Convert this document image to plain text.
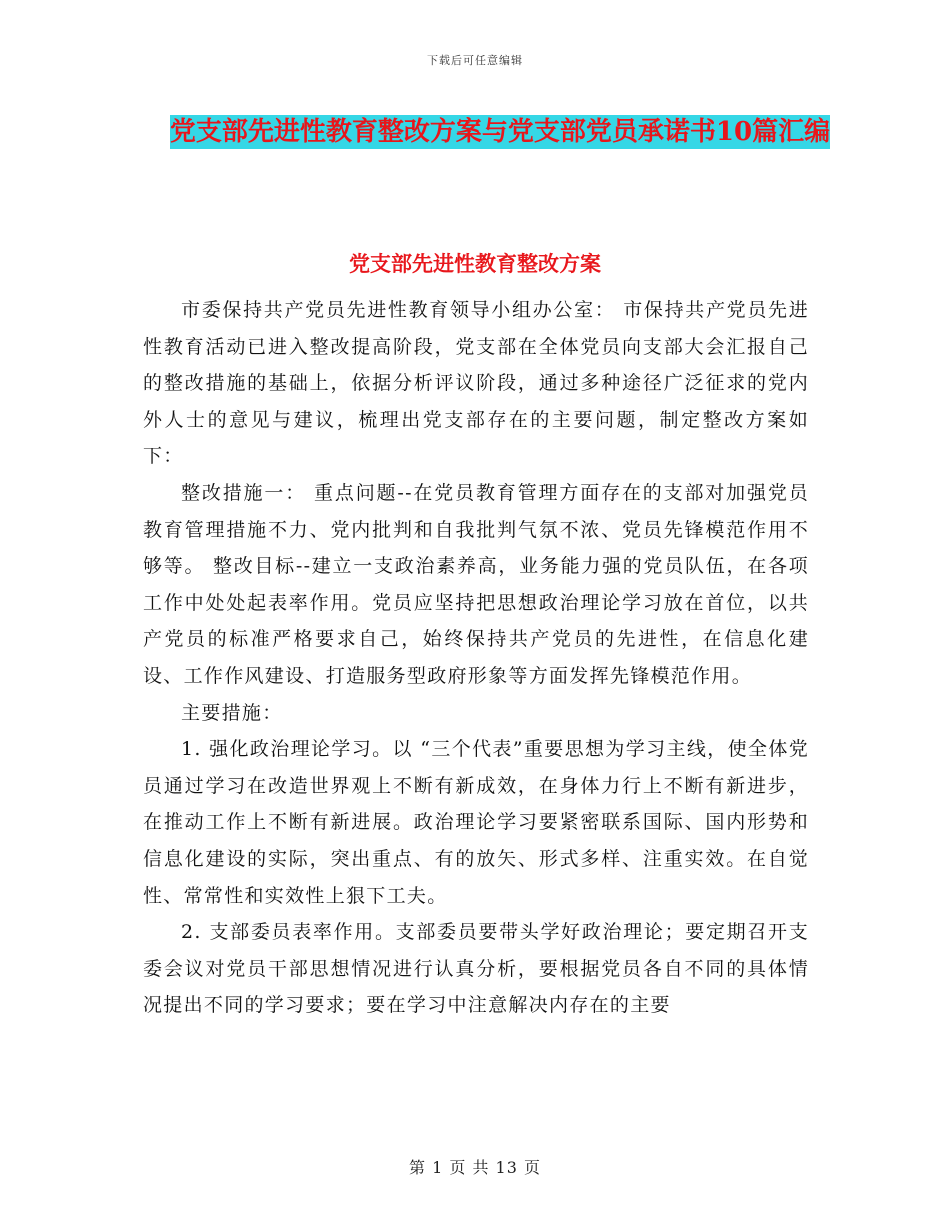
下载后可任意编辑
党支部先进性教育整改方案与党支部党员承诺书10篇汇编
党支部先进性教育整改方案

市委保持共产党员先进性教育领导小组办公室： 市保持共产党员先进性教育活动已进入整改提高阶段，党支部在全体党员向支部大会汇报自己的整改措施的基础上，依据分析评议阶段，通过多种途径广泛征求的党内外人士的意见与建议，梳理出党支部存在的主要问题，制定整改方案如下：

整改措施一： 重点问题--在党员教育管理方面存在的支部对加强党员教育管理措施不力、党内批判和自我批判气氛不浓、党员先锋模范作用不够等。 整改目标--建立一支政治素养高，业务能力强的党员队伍，在各项工作中处处起表率作用。党员应坚持把思想政治理论学习放在首位，以共产党员的标准严格要求自己，始终保持共产党员的先进性，在信息化建设、工作作风建设、打造服务型政府形象等方面发挥先锋模范作用。

主要措施：

1. 强化政治理论学习。以 “三个代表”重要思想为学习主线，使全体党员通过学习在改造世界观上不断有新成效，在身体力行上不断有新进步，在推动工作上不断有新进展。政治理论学习要紧密联系国际、国内形势和信息化建设的实际，突出重点、有的放矢、形式多样、注重实效。在自觉性、常常性和实效性上狠下工夫。

2. 支部委员表率作用。支部委员要带头学好政治理论；要定期召开支委会议对党员干部思想情况进行认真分析，要根据党员各自不同的具体情况提出不同的学习要求；要在学习中注意解决内存在的主要

第 1 页 共 13 页
